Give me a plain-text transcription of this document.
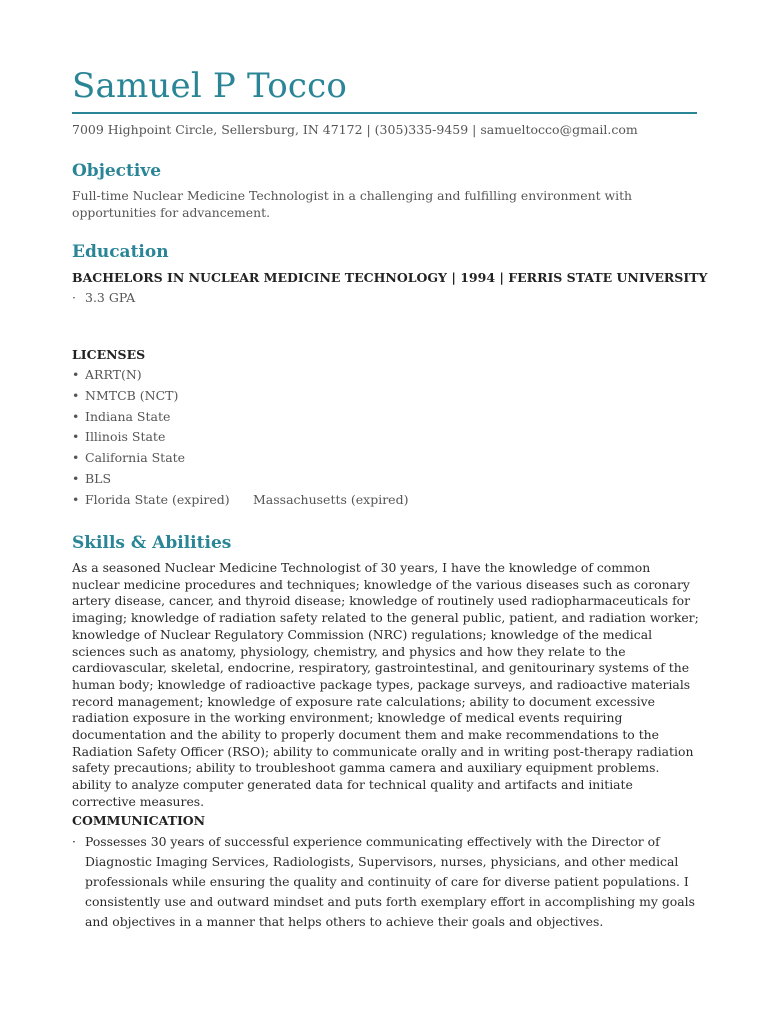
Samuel P Tocco
7009 Highpoint Circle, Sellersburg, IN 47172 | (305)335-9459 | samueltocco@gmail.com
Objective

Full-time Nuclear Medicine Technologist in a challenging and fulfilling environment with opportunities for advancement.

Education
BACHELORS IN NUCLEAR MEDICINE TECHNOLOGY | 1994 | FERRIS STATE UNIVERSITY
· 3.3 GPA
LICENSES
• ARRT(N)
• NMTCB (NCT)
• Indiana State
• Illinois State
• California State
• BLS
• Florida State (expired) Massachusetts (expired)
Skills & Abilities

As a seasoned Nuclear Medicine Technologist of 30 years, I have the knowledge of common nuclear medicine procedures and techniques; knowledge of the various diseases such as coronary artery disease, cancer, and thyroid disease; knowledge of routinely used radiopharmaceuticals for imaging; knowledge of radiation safety related to the general public, patient, and radiation worker; knowledge of Nuclear Regulatory Commission (NRC) regulations; knowledge of the medical sciences such as anatomy, physiology, chemistry, and physics and how they relate to the cardiovascular, skeletal, endocrine, respiratory, gastrointestinal, and genitourinary systems of the human body; knowledge of radioactive package types, package surveys, and radioactive materials record management; knowledge of exposure rate calculations; ability to document excessive radiation exposure in the working environment; knowledge of medical events requiring documentation and the ability to properly document them and make recommendations to the Radiation Safety Officer (RSO); ability to communicate orally and in writing post-therapy radiation safety precautions; ability to troubleshoot gamma camera and auxiliary equipment problems. ability to analyze computer generated data for technical quality and artifacts and initiate corrective measures.

COMMUNICATION
· Possesses 30 years of successful experience communicating effectively with the Director of Diagnostic Imaging Services, Radiologists, Supervisors, nurses, physicians, and other medical professionals while ensuring the quality and continuity of care for diverse patient populations. I consistently use and outward mindset and puts forth exemplary effort in accomplishing my goals and objectives in a manner that helps others to achieve their goals and objectives.
